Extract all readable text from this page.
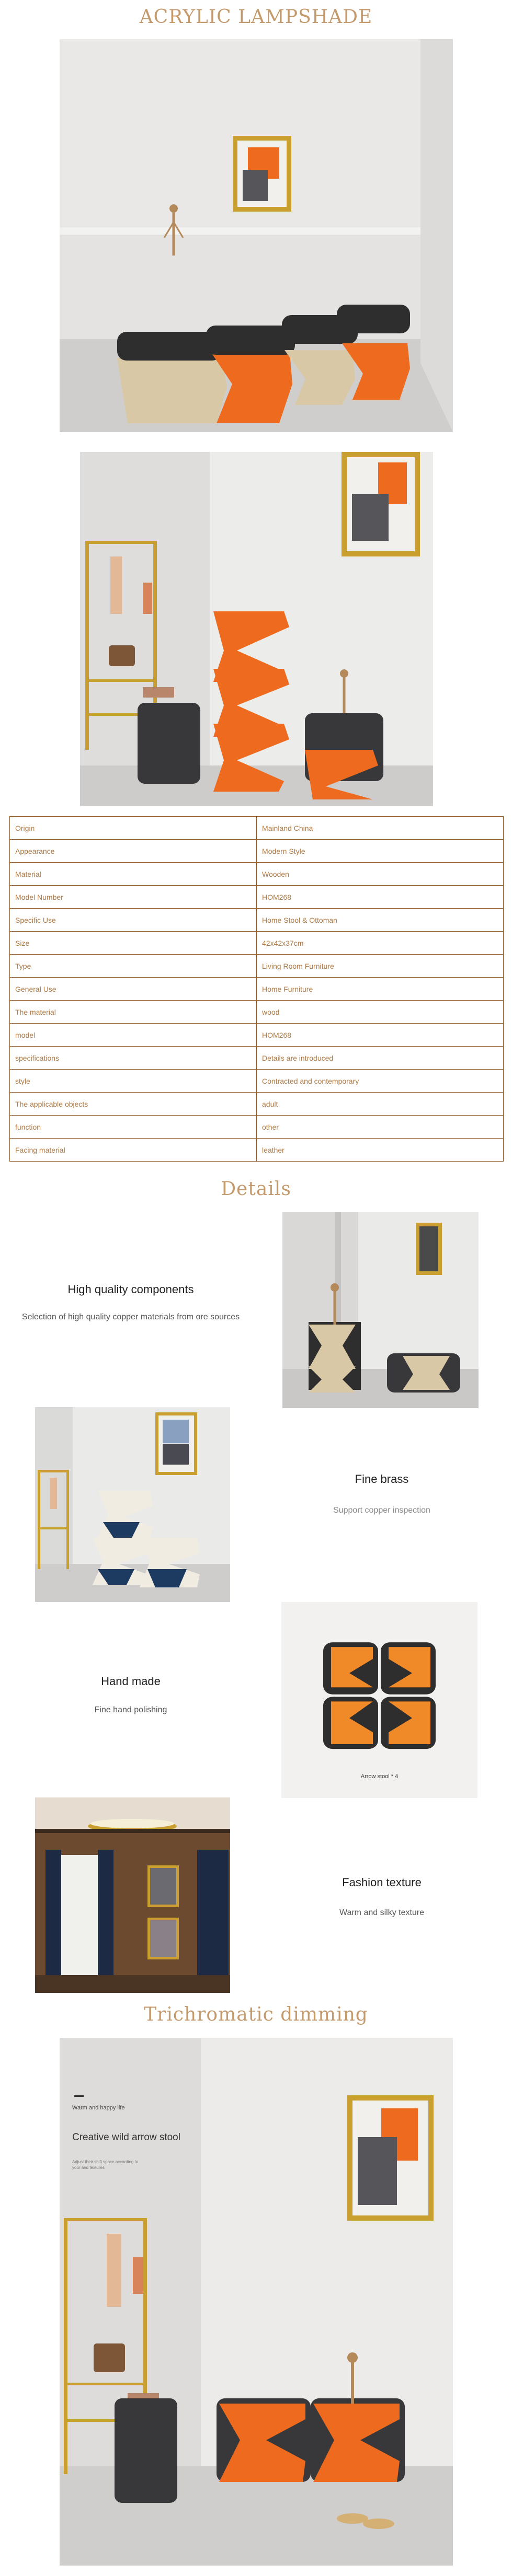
ACRYLIC LAMPSHADE
Origin	Mainland China
Appearance	Modern Style
Material	Wooden
Model Number	HOM268
Specific Use	Home Stool & Ottoman
Size	42x42x37cm
Type	Living Room Furniture
General Use	Home Furniture
The material	wood
model	HOM268
specifications	Details are introduced
style	Contracted and contemporary
The applicable objects	adult
function	other
Facing material	leather
Details
High quality components
Selection of high quality copper materials from ore sources
Fine brass
Support copper inspection
Hand made
Fine hand polishing
Arrow stool * 4
Fashion texture
Warm and silky texture
Trichromatic dimming
Warm and happy life
Creative wild arrow stool
Adjust their shift space according to your and textures
